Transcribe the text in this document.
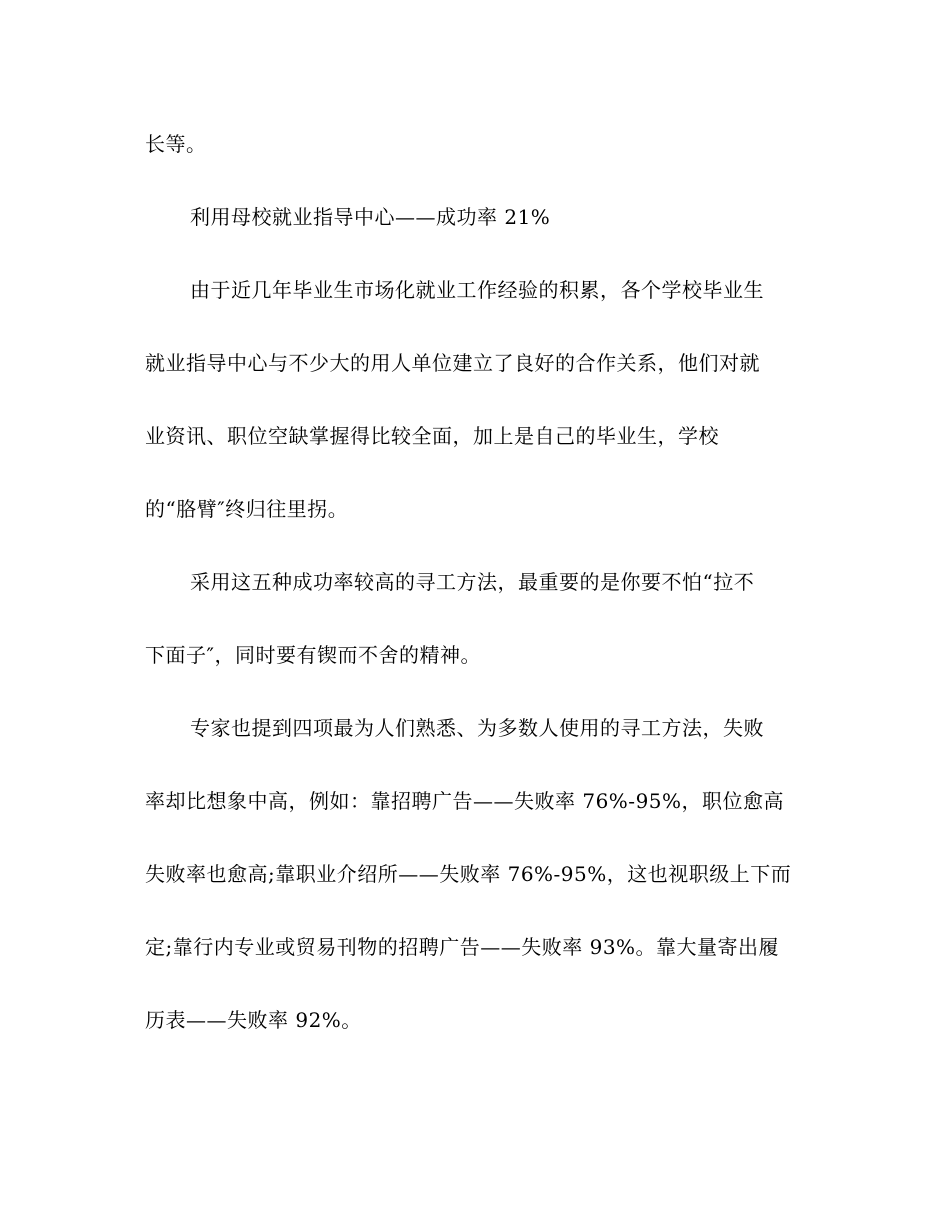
长等。
利用母校就业指导中心——成功率 21%
由于近几年毕业生市场化就业工作经验的积累，各个学校毕业生
就业指导中心与不少大的用人单位建立了良好的合作关系，他们对就
业资讯、职位空缺掌握得比较全面，加上是自己的毕业生，学校
的“胳臂″终归往里拐。
采用这五种成功率较高的寻工方法，最重要的是你要不怕“拉不
下面子″，同时要有锲而不舍的精神。
专家也提到四项最为人们熟悉、为多数人使用的寻工方法，失败
率却比想象中高，例如：靠招聘广告——失败率 76%-95%，职位愈高
失败率也愈高;靠职业介绍所——失败率 76%-95%，这也视职级上下而
定;靠行内专业或贸易刊物的招聘广告——失败率 93%。靠大量寄出履
历表——失败率 92%。
